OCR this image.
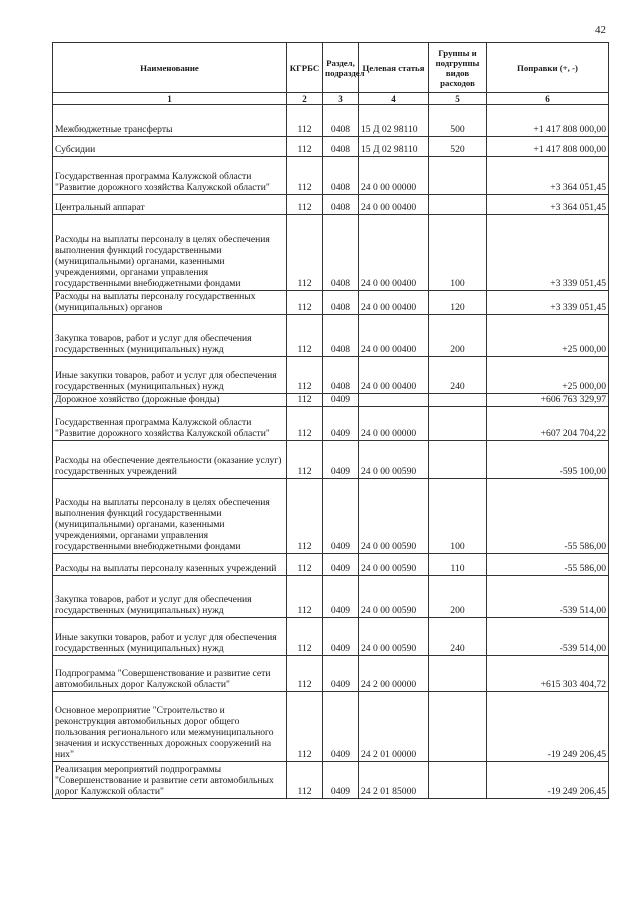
42
Наименование	КГРБС	Раздел, подраздел	Целевая статья	Группы и подгруппы видов расходов	Поправки (+, -)
1	2	3	4	5	6
Межбюджетные трансферты	112	0408	15 Д 02 98110	500	+1 417 808 000,00
Субсидии	112	0408	15 Д 02 98110	520	+1 417 808 000,00
Государственная программа Калужской области "Развитие дорожного хозяйства Калужской области"	112	0408	24 0 00 00000		+3 364 051,45
Центральный аппарат	112	0408	24 0 00 00400		+3 364 051,45
Расходы на выплаты персоналу в целях обеспечения выполнения функций государственными (муниципальными) органами, казенными учреждениями, органами управления государственными внебюджетными фондами	112	0408	24 0 00 00400	100	+3 339 051,45
Расходы на выплаты персоналу государственных (муниципальных) органов	112	0408	24 0 00 00400	120	+3 339 051,45
Закупка товаров, работ и услуг для обеспечения государственных (муниципальных) нужд	112	0408	24 0 00 00400	200	+25 000,00
Иные закупки товаров, работ и услуг для обеспечения государственных (муниципальных) нужд	112	0408	24 0 00 00400	240	+25 000,00
Дорожное хозяйство (дорожные фонды)	112	0409			+606 763 329,97
Государственная программа Калужской области "Развитие дорожного хозяйства Калужской области"	112	0409	24 0 00 00000		+607 204 704,22
Расходы на обеспечение деятельности (оказание услуг) государственных учреждений	112	0409	24 0 00 00590		-595 100,00
Расходы на выплаты персоналу в целях обеспечения выполнения функций государственными (муниципальными) органами, казенными учреждениями, органами управления государственными внебюджетными фондами	112	0409	24 0 00 00590	100	-55 586,00
Расходы на выплаты персоналу казенных учреждений	112	0409	24 0 00 00590	110	-55 586,00
Закупка товаров, работ и услуг для обеспечения государственных (муниципальных) нужд	112	0409	24 0 00 00590	200	-539 514,00
Иные закупки товаров, работ и услуг для обеспечения государственных (муниципальных) нужд	112	0409	24 0 00 00590	240	-539 514,00
Подпрограмма "Совершенствование и развитие сети автомобильных дорог Калужской области"	112	0409	24 2 00 00000		+615 303 404,72
Основное мероприятие "Строительство и реконструкция автомобильных дорог общего пользования регионального или межмуниципального значения и искусственных дорожных сооружений на них"	112	0409	24 2 01 00000		-19 249 206,45
Реализация мероприятий подпрограммы "Совершенствование и развитие сети автомобильных дорог Калужской области"	112	0409	24 2 01 85000		-19 249 206,45
